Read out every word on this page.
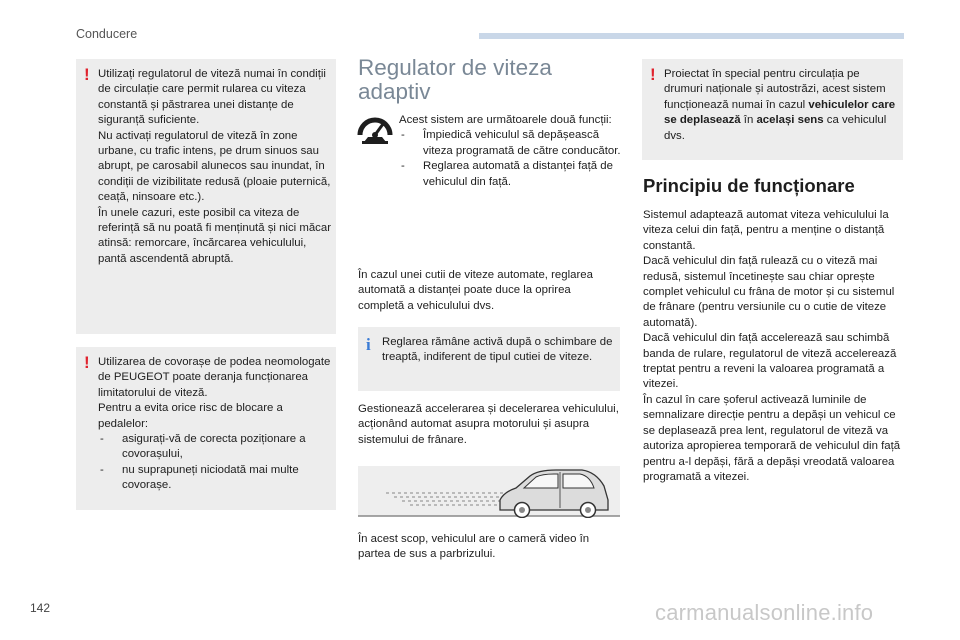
Conducere
142	carmanualsonline.info
! Utilizați regulatorul de viteză numai în condiții de circulație care permit rularea cu viteza constantă și păstrarea unei distanțe de siguranță suficiente.

Nu activați regulatorul de viteză în zone urbane, cu trafic intens, pe drum sinuos sau abrupt, pe carosabil alunecos sau inundat, în condiții de vizibilitate redusă (ploaie puternică, ceață, ninsoare etc.).

În unele cazuri, este posibil ca viteza de referință să nu poată fi menținută și nici măcar atinsă: remorcare, încărcarea vehiculului, pantă ascendentă abruptă.

! Utilizarea de covorașe de podea neomologate de PEUGEOT poate deranja funcționarea limitatorului de viteză.

Pentru a evita orice risc de blocare a pedalelor:

- asigurați-vă de corecta poziționare a covorașului,
- nu suprapuneți niciodată mai multe covorașe.
Regulator de viteza adaptiv

Acest sistem are următoarele două funcții:

- Împiedică vehiculul să depășească viteza programată de către conducător.
- Reglarea automată a distanței față de vehiculul din față.
În cazul unei cutii de viteze automate, reglarea automată a distanței poate duce la oprirea completă a vehiculului dvs.
i Reglarea rămâne activă după o schimbare de treaptă, indiferent de tipul cutiei de viteze.
Gestionează accelerarea și decelerarea vehiculului, acționând automat asupra motorului și asupra sistemului de frânare.
În acest scop, vehiculul are o cameră video în partea de sus a parbrizului.
! Proiectat în special pentru circulația pe drumuri naționale și autostrăzi, acest sistem funcționează numai în cazul vehiculelor care se deplasează în același sens ca vehiculul dvs.
Principiu de funcționare

Sistemul adaptează automat viteza vehiculului la viteza celui din față, pentru a menține o distanță constantă.

Dacă vehiculul din față rulează cu o viteză mai redusă, sistemul încetinește sau chiar oprește complet vehiculul cu frâna de motor și cu sistemul de frânare (pentru versiunile cu o cutie de viteze automată).

Dacă vehiculul din față accelerează sau schimbă banda de rulare, regulatorul de viteză accelerează treptat pentru a reveni la valoarea programată a vitezei.

În cazul în care șoferul activează luminile de semnalizare direcție pentru a depăși un vehicul ce se deplasează prea lent, regulatorul de viteză va autoriza apropierea temporară de vehiculul din față pentru a-l depăși, fără a depăși vreodată valoarea programată a vitezei.
